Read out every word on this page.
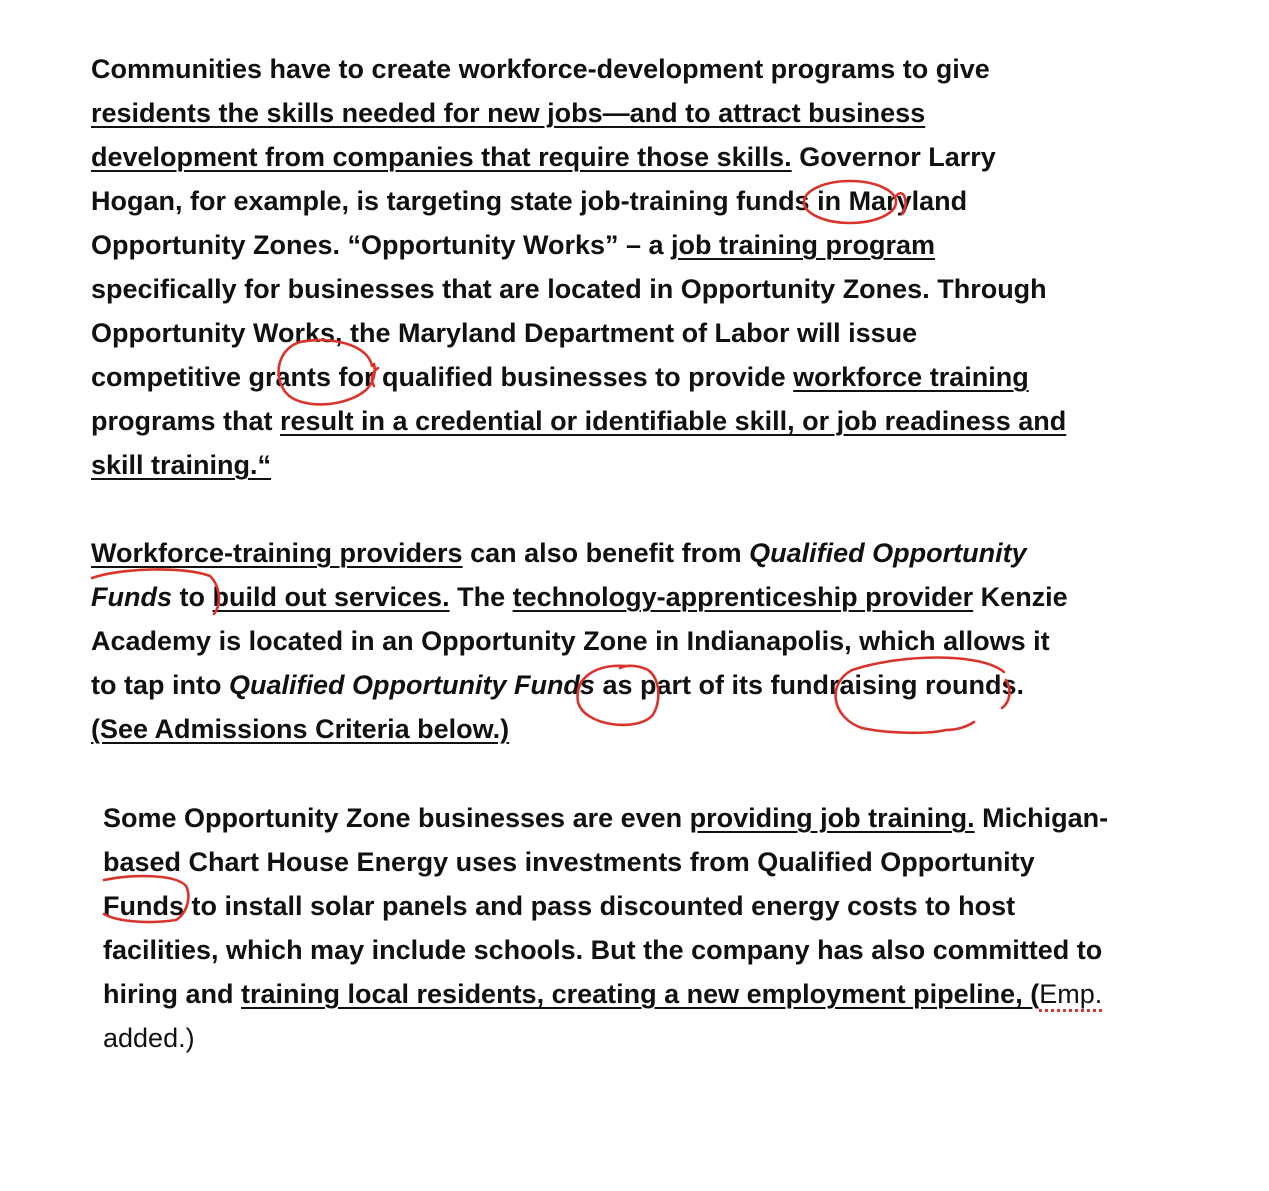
Communities have to create workforce-development programs to give
residents the skills needed for new jobs—and to attract business
development from companies that require those skills. Governor Larry
Hogan, for example, is targeting state job-training funds in Maryland
Opportunity Zones. “Opportunity Works” – a job training program
specifically for businesses that are located in Opportunity Zones. Through
Opportunity Works, the Maryland Department of Labor will issue
competitive grants for qualified businesses to provide workforce training
programs that result in a credential or identifiable skill, or job readiness and
skill training.“
Workforce-training providers can also benefit from Qualified Opportunity
Funds to build out services. The technology-apprenticeship provider Kenzie
Academy is located in an Opportunity Zone in Indianapolis, which allows it
to tap into Qualified Opportunity Funds as part of its fundraising rounds.
(See Admissions Criteria below.)
Some Opportunity Zone businesses are even providing job training. Michigan-
based Chart House Energy uses investments from Qualified Opportunity
Funds to install solar panels and pass discounted energy costs to host
facilities, which may include schools. But the company has also committed to
hiring and training local residents, creating a new employment pipeline, (Emp.
added.)
